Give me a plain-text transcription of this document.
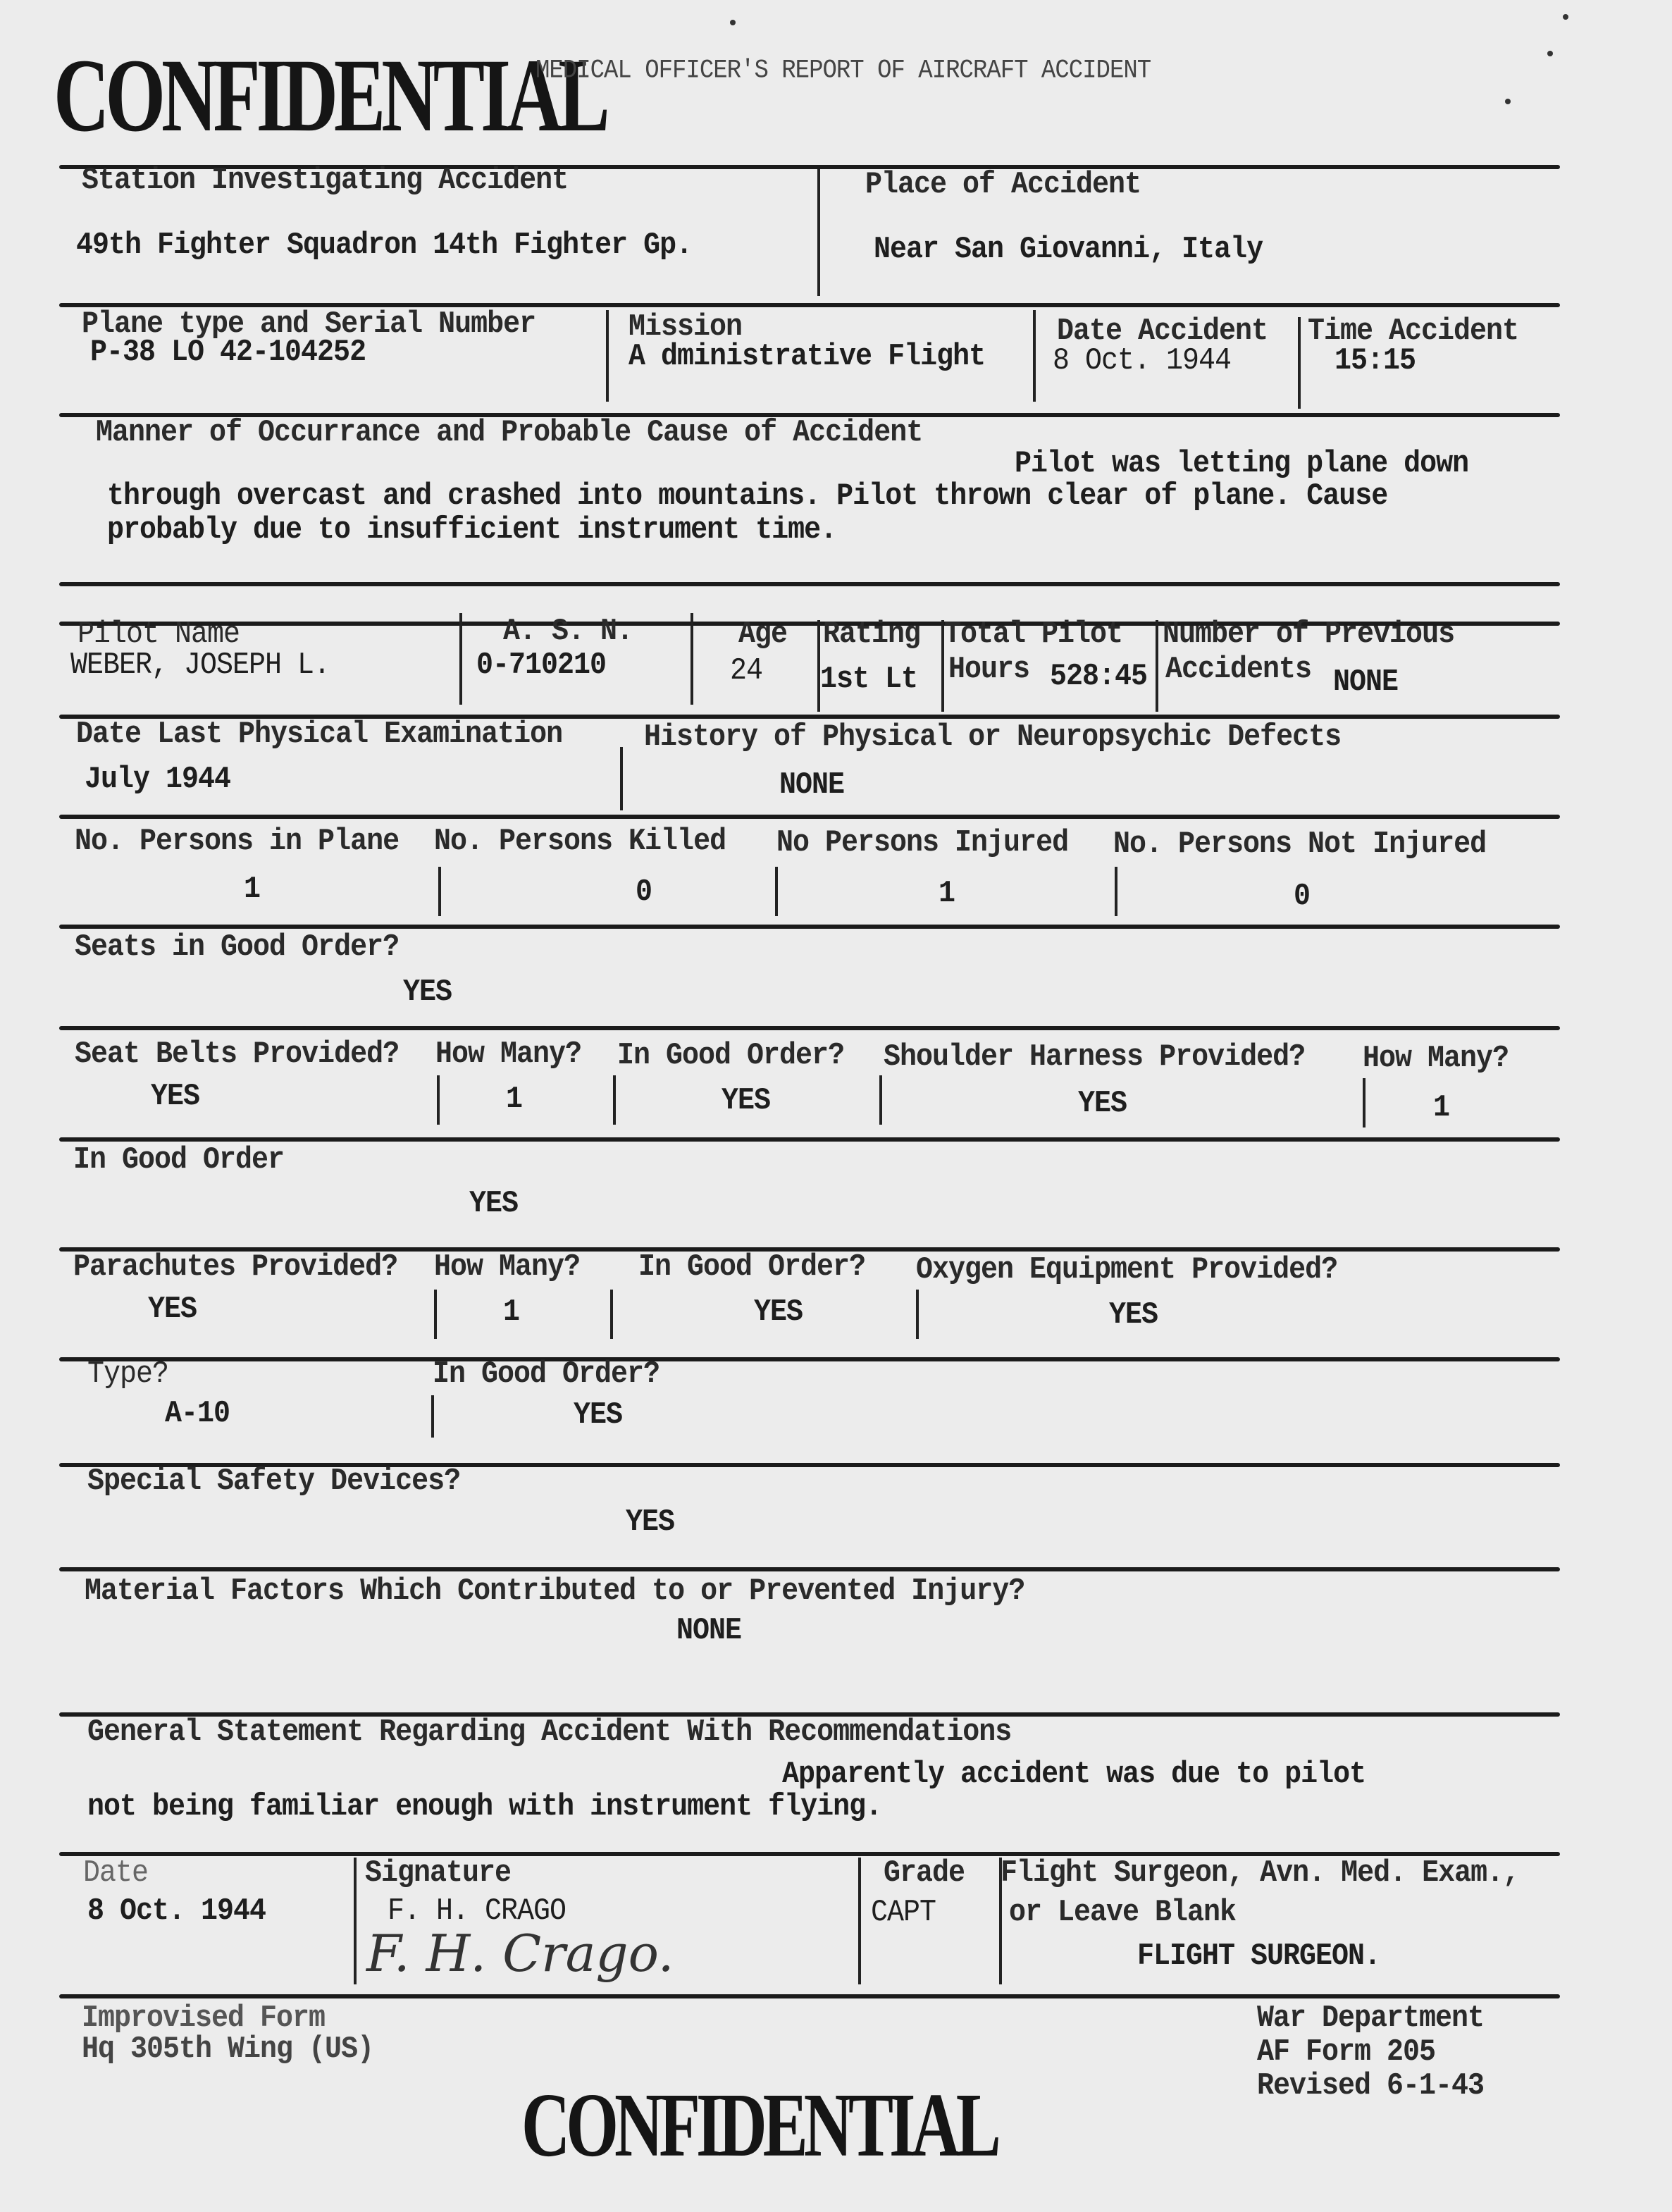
CONFIDENTIAL
MEDICAL OFFICER'S REPORT OF AIRCRAFT ACCIDENT
Station Investigating Accident
49th Fighter Squadron 14th Fighter Gp.
Place of Accident
Near San Giovanni, Italy
Plane type and Serial Number
P-38 LO 42-104252
Mission
A dministrative Flight
Date Accident
8 Oct. 1944
Time Accident
15:15
Manner of Occurrance and Probable Cause of Accident
Pilot was letting plane down
through overcast and crashed into mountains. Pilot thrown clear of plane. Cause
probably due to insufficient instrument time.
Pilot Name
WEBER, JOSEPH L.
A. S. N.
0-710210
Age
24
Rating
1st Lt
Total Pilot
Hours 528:45
Number of Previous
Accidents NONE
Date Last Physical Examination
July 1944
History of Physical or Neuropsychic Defects
NONE
No. Persons in Plane
1
No. Persons Killed
0
No Persons Injured
1
No. Persons Not Injured
0
Seats in Good Order?
YES
Seat Belts Provided?
YES
How Many?
1
In Good Order?
YES
Shoulder Harness Provided?
YES
How Many?
1
In Good Order
YES
Parachutes Provided?
YES
How Many?
1
In Good Order?
YES
Oxygen Equipment Provided?
YES
Type?
A-10
In Good Order?
YES
Special Safety Devices?
YES
Material Factors Which Contributed to or Prevented Injury?
NONE
General Statement Regarding Accident With Recommendations
Apparently accident was due to pilot
not being familiar enough with instrument flying.
Date
8 Oct. 1944
Signature
F. H. CRAGO
F. H. Crago.
Grade
CAPT
Flight Surgeon, Avn. Med. Exam.,
or Leave Blank
FLIGHT SURGEON.
Improvised Form
Hq 305th Wing (US)
War Department
AF Form 205
Revised 6-1-43
CONFIDENTIAL
